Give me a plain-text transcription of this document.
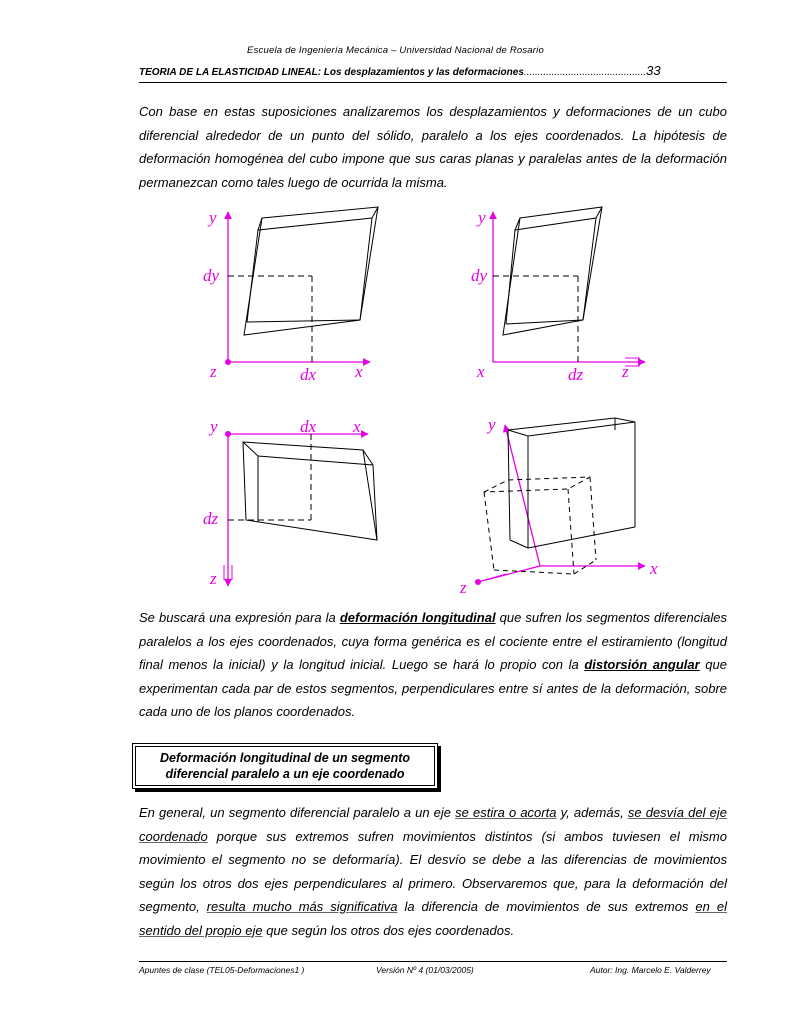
Escuela de Ingeniería Mecánica – Universidad Nacional de Rosario
TEORIA DE LA ELASTICIDAD LINEAL: Los desplazamientos y las deformaciones............................................33
Con base en estas suposiciones analizaremos los desplazamientos y deformaciones de un cubo diferencial alrededor de un punto del sólido, paralelo a los ejes coordenados. La hipótesis de deformación homogénea del cubo impone que sus caras planas y paralelas antes de la deformación permanezcan como tales luego de ocurrida la misma.
y
dy
z	dx x
y
dy
x	dz z
y	dx x
dz
z
y
x
z
Se buscará una expresión para la deformación longitudinal que sufren los segmentos diferenciales paralelos a los ejes coordenados, cuya forma genérica es el cociente entre el estiramiento (longitud final menos la inicial) y la longitud inicial. Luego se hará lo propio con la distorsión angular que experimentan cada par de estos segmentos, perpendiculares entre sí antes de la deformación, sobre cada uno de los planos coordenados.
Deformación longitudinal de un segmento
diferencial paralelo a un eje coordenado
En general, un segmento diferencial paralelo a un eje se estira o acorta y, además, se desvía del eje coordenado porque sus extremos sufren movimientos distintos (si ambos tuviesen el mismo movimiento el segmento no se deformaría). El desvío se debe a las diferencias de movimientos según los otros dos ejes perpendiculares al primero. Observaremos que, para la deformación del segmento, resulta mucho más significativa la diferencia de movimientos de sus extremos en el sentido del propio eje que según los otros dos ejes coordenados.
Apuntes de clase (TEL05-Deformaciones1 )	Versión Nº 4 (01/03/2005)	Autor: Ing. Marcelo E. Valderrey
